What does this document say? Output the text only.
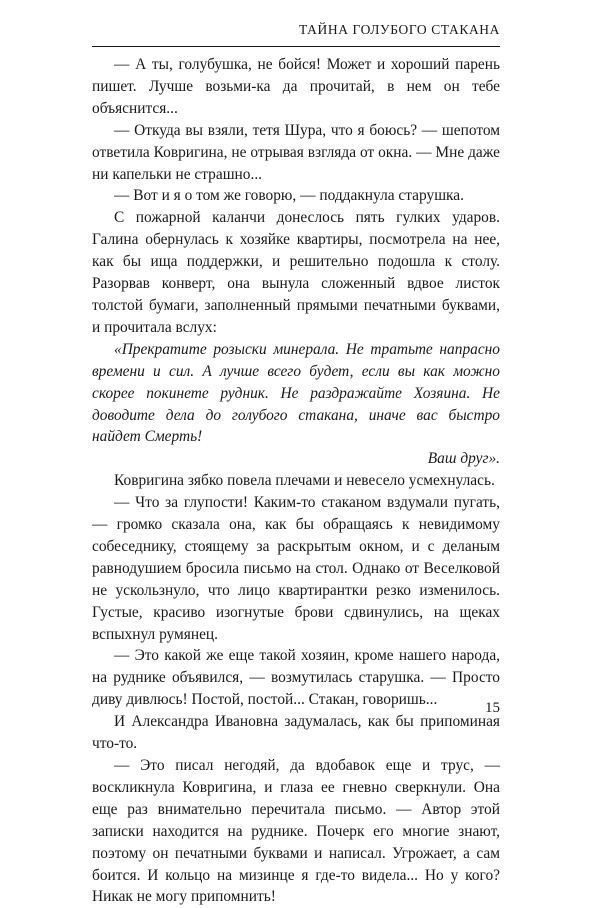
ТАЙНА ГОЛУБОГО СТАКАНА

— А ты, голубушка, не бойся! Может и хороший парень пишет. Лучше возьми-ка да прочитай, в нем он тебе объяснится...

— Откуда вы взяли, тетя Шура, что я боюсь? — шепотом ответила Ковригина, не отрывая взгляда от окна. — Мне даже ни капельки не страшно...

— Вот и я о том же говорю, — поддакнула старушка.

С пожарной каланчи донеслось пять гулких ударов. Галина обернулась к хозяйке квартиры, посмотрела на нее, как бы ища поддержки, и решительно подошла к столу. Разорвав конверт, она вынула сложенный вдвое листок толстой бумаги, заполненный прямыми печатными буквами, и прочитала вслух:

«Прекратите розыски минерала. Не тратьте напрасно времени и сил. А лучше всего будет, если вы как можно скорее покинете рудник. Не раздражайте Хозяина. Не доводите дела до голубого стакана, иначе вас быстро найдет Смерть!

Ваш друг».

Ковригина зябко повела плечами и невесело усмехнулась.

— Что за глупости! Каким-то стаканом вздумали пугать, — громко сказала она, как бы обращаясь к невидимому собеседнику, стоящему за раскрытым окном, и с деланым равнодушием бросила письмо на стол. Однако от Веселковой не ускользнуло, что лицо квартирантки резко изменилось. Густые, красиво изогнутые брови сдвинулись, на щеках вспыхнул румянец.

— Это какой же еще такой хозяин, кроме нашего народа, на руднике объявился, — возмутилась старушка. — Просто диву дивлюсь! Постой, постой... Стакан, говоришь...

И Александра Ивановна задумалась, как бы припоминая что-то.

— Это писал негодяй, да вдобавок еще и трус, — воскликнула Ковригина, и глаза ее гневно сверкнули. Она еще раз внимательно перечитала письмо. — Автор этой записки находится на руднике. Почерк его многие знают, поэтому он печатными буквами и написал. Угрожает, а сам боится. И кольцо на мизинце я где-то видела... Но у кого? Никак не могу припомнить!

15
